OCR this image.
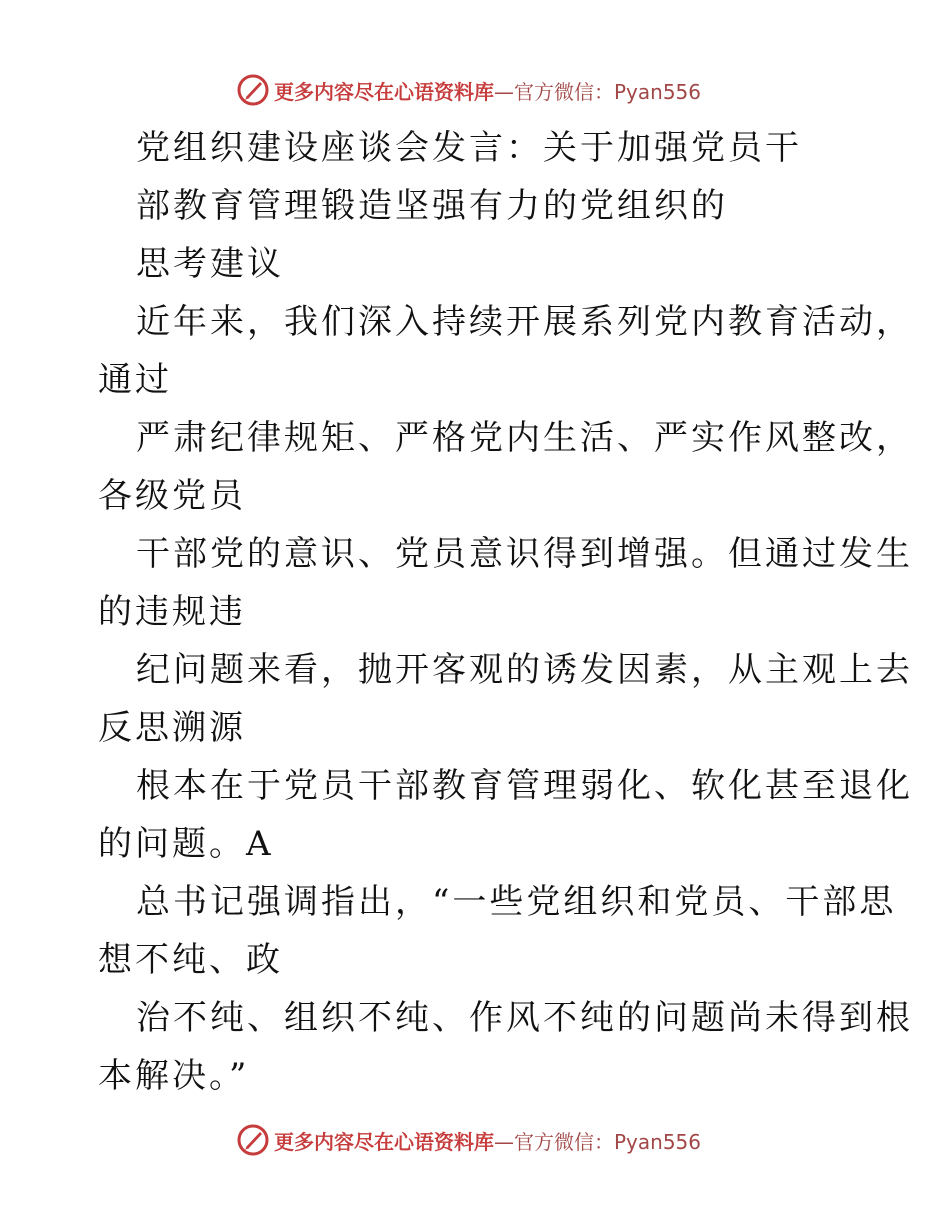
更多内容尽在心语资料库 —官方微信：Pyan556
党组织建设座谈会发言：关于加强党员干
部教育管理锻造坚强有力的党组织的
思考建议
近年来，我们深入持续开展系列党内教育活动，
通过
严肃纪律规矩、严格党内生活、严实作风整改，
各级党员
干部党的意识、党员意识得到增强。但通过发生
的违规违
纪问题来看，抛开客观的诱发因素，从主观上去
反思溯源
根本在于党员干部教育管理弱化、软化甚至退化
的问题。A
总书记强调指出，“一些党组织和党员、干部思
想不纯、政
治不纯、组织不纯、作风不纯的问题尚未得到根
本解决。”
更多内容尽在心语资料库 —官方微信：Pyan556
